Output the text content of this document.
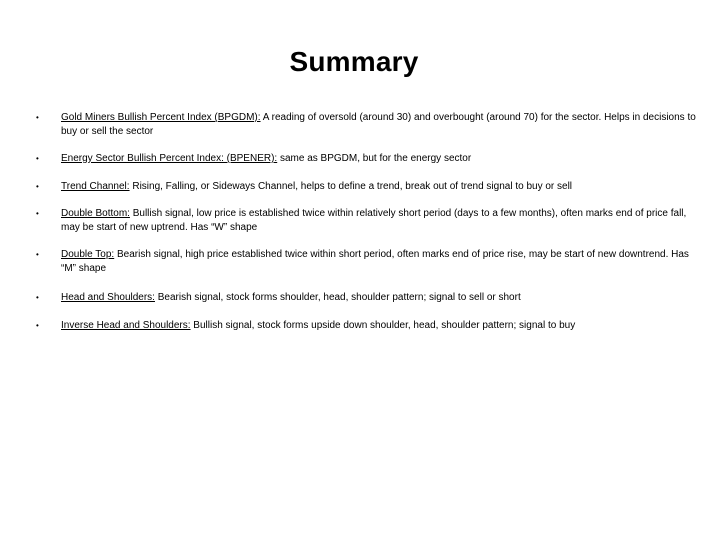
Summary
• Gold Miners Bullish Percent Index (BPGDM): A reading of oversold (around 30) and overbought (around 70) for the sector. Helps in decisions to buy or sell the sector
• Energy Sector Bullish Percent Index: (BPENER): same as BPGDM, but for the energy sector
• Trend Channel: Rising, Falling, or Sideways Channel, helps to define a trend, break out of trend signal to buy or sell
• Double Bottom: Bullish signal, low price is established twice within relatively short period (days to a few months), often marks end of price fall, may be start of new uptrend. Has “W” shape
• Double Top: Bearish signal, high price established twice within short period, often marks end of price rise, may be start of new downtrend. Has “M” shape
• Head and Shoulders: Bearish signal, stock forms shoulder, head, shoulder pattern; signal to sell or short
• Inverse Head and Shoulders: Bullish signal, stock forms upside down shoulder, head, shoulder pattern; signal to buy
